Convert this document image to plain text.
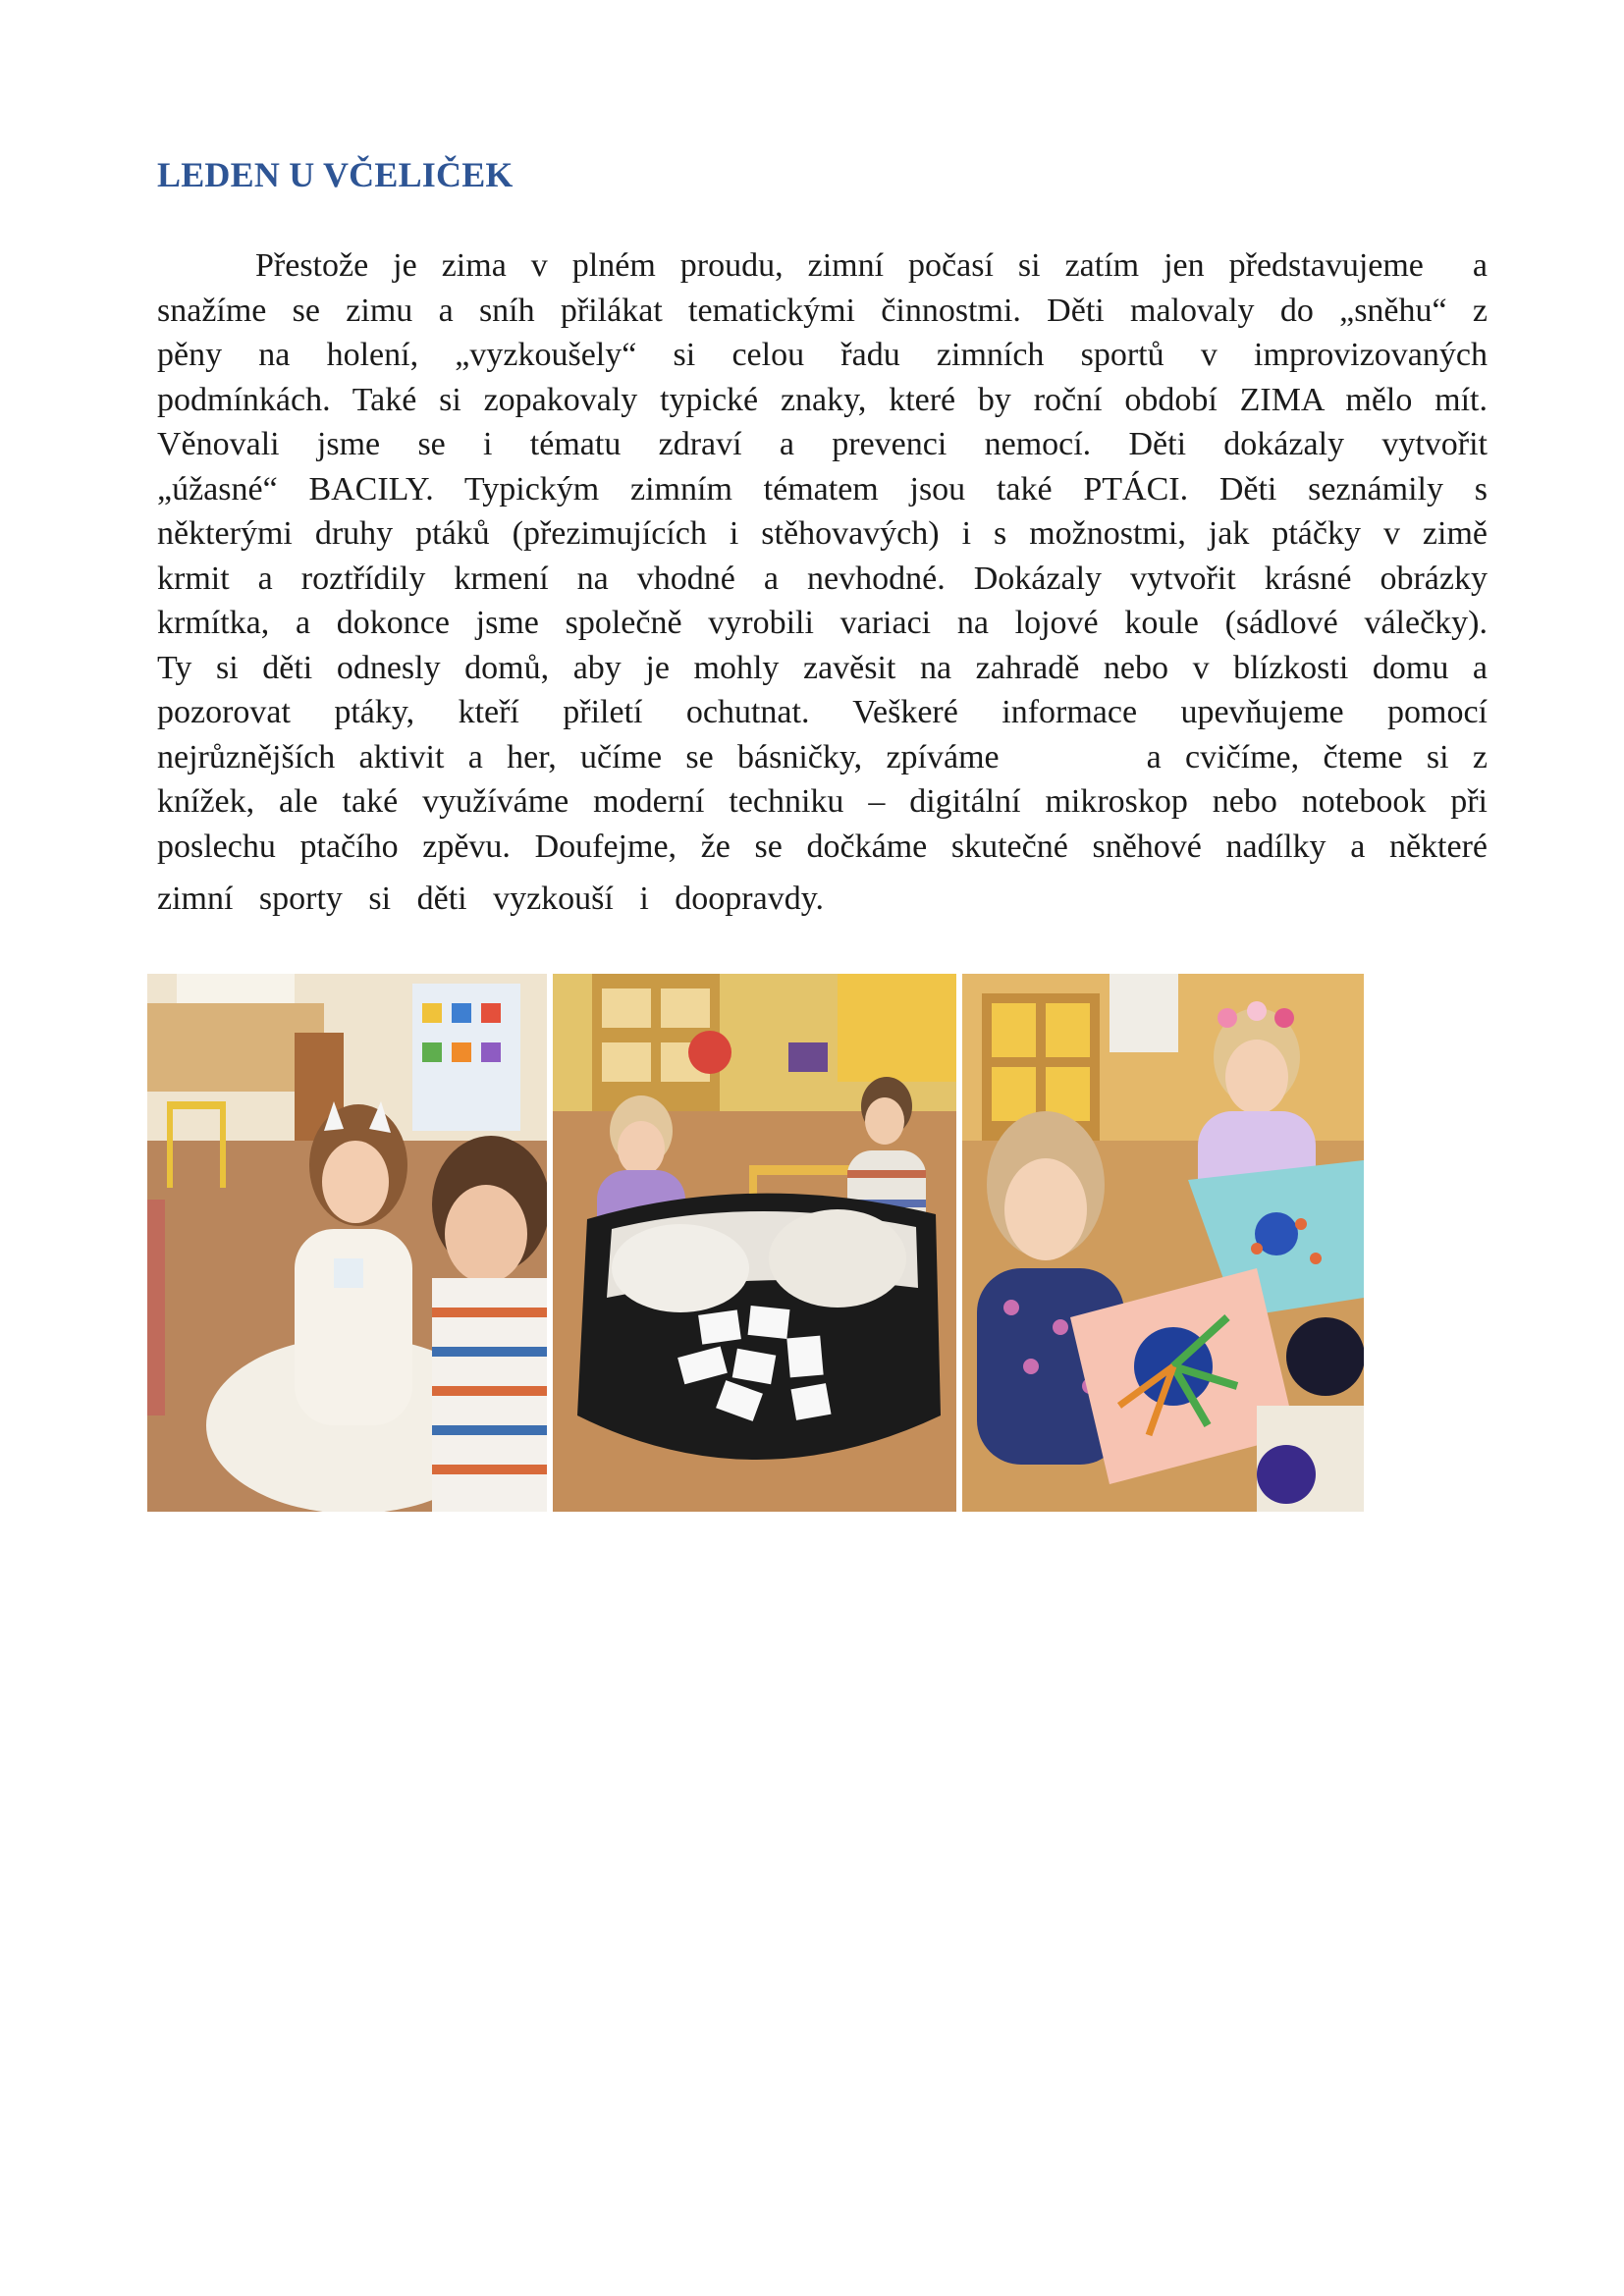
LEDEN U VČELIČEK
Přestože je zima v plném proudu, zimní počasí si zatím jen představujeme a
snažíme se zimu a sníh přilákat tematickými činnostmi. Děti malovaly do „sněhu“ z
pěny na holení, „vyzkoušely“ si celou řadu zimních sportů v improvizovaných
podmínkách. Také si zopakovaly typické znaky, které by roční období ZIMA mělo mít.
Věnovali jsme se i tématu zdraví a prevenci nemocí. Děti dokázaly vytvořit
„úžasné“ BACILY. Typickým zimním tématem jsou také PTÁCI. Děti seznámily s
některými druhy ptáků (přezimujících i stěhovavých) i s možnostmi, jak ptáčky v zimě
krmit a roztřídily krmení na vhodné a nevhodné. Dokázaly vytvořit krásné obrázky
krmítka, a dokonce jsme společně vyrobili variaci na lojové koule (sádlové válečky).
Ty si děti odnesly domů, aby je mohly zavěsit na zahradě nebo v blízkosti domu a
pozorovat ptáky, kteří přiletí ochutnat. Veškeré informace upevňujeme pomocí
nejrůznějších aktivit a her, učíme se básničky, zpíváme	a cvičíme, čteme si z
knížek, ale také využíváme moderní techniku – digitální mikroskop nebo notebook při
poslechu ptačího zpěvu. Doufejme, že se dočkáme skutečné sněhové nadílky a některé
zimní sporty si děti vyzkouší i doopravdy.
